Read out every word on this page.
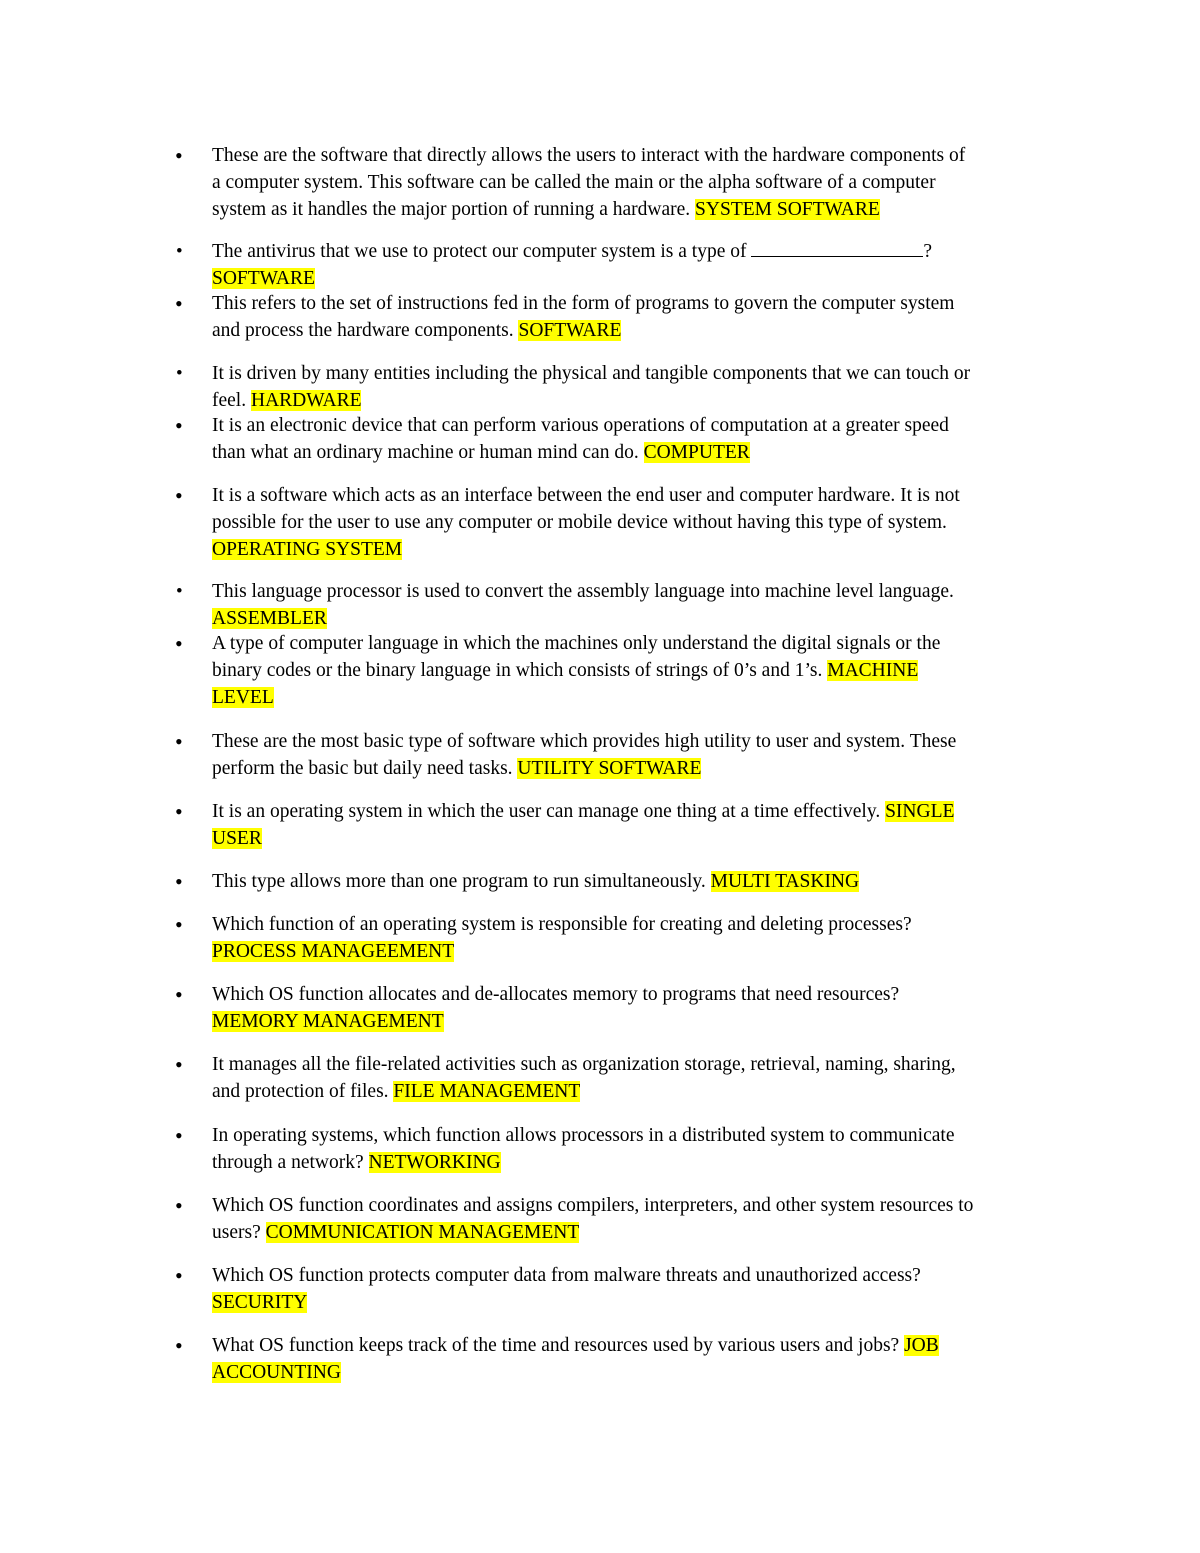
• These are the software that directly allows the users to interact with the hardware components of
a computer system. This software can be called the main or the alpha software of a computer
system as it handles the major portion of running a hardware. SYSTEM SOFTWARE
• The antivirus that we use to protect our computer system is a type of	?
SOFTWARE
• This refers to the set of instructions fed in the form of programs to govern the computer system
and process the hardware components. SOFTWARE
• It is driven by many entities including the physical and tangible components that we can touch or
feel. HARDWARE
• It is an electronic device that can perform various operations of computation at a greater speed
than what an ordinary machine or human mind can do. COMPUTER
• It is a software which acts as an interface between the end user and computer hardware. It is not
possible for the user to use any computer or mobile device without having this type of system.
OPERATING SYSTEM
• This language processor is used to convert the assembly language into machine level language.
ASSEMBLER
• A type of computer language in which the machines only understand the digital signals or the
binary codes or the binary language in which consists of strings of 0’s and 1’s. MACHINE
LEVEL
• These are the most basic type of software which provides high utility to user and system. These
perform the basic but daily need tasks. UTILITY SOFTWARE
• It is an operating system in which the user can manage one thing at a time effectively. SINGLE
USER
• This type allows more than one program to run simultaneously. MULTI TASKING
• Which function of an operating system is responsible for creating and deleting processes?
PROCESS MANAGEEMENT
• Which OS function allocates and de-allocates memory to programs that need resources?
MEMORY MANAGEMENT
• It manages all the file-related activities such as organization storage, retrieval, naming, sharing,
and protection of files. FILE MANAGEMENT
• In operating systems, which function allows processors in a distributed system to communicate
through a network? NETWORKING
• Which OS function coordinates and assigns compilers, interpreters, and other system resources to
users? COMMUNICATION MANAGEMENT
• Which OS function protects computer data from malware threats and unauthorized access?
SECURITY
• What OS function keeps track of the time and resources used by various users and jobs? JOB
ACCOUNTING
